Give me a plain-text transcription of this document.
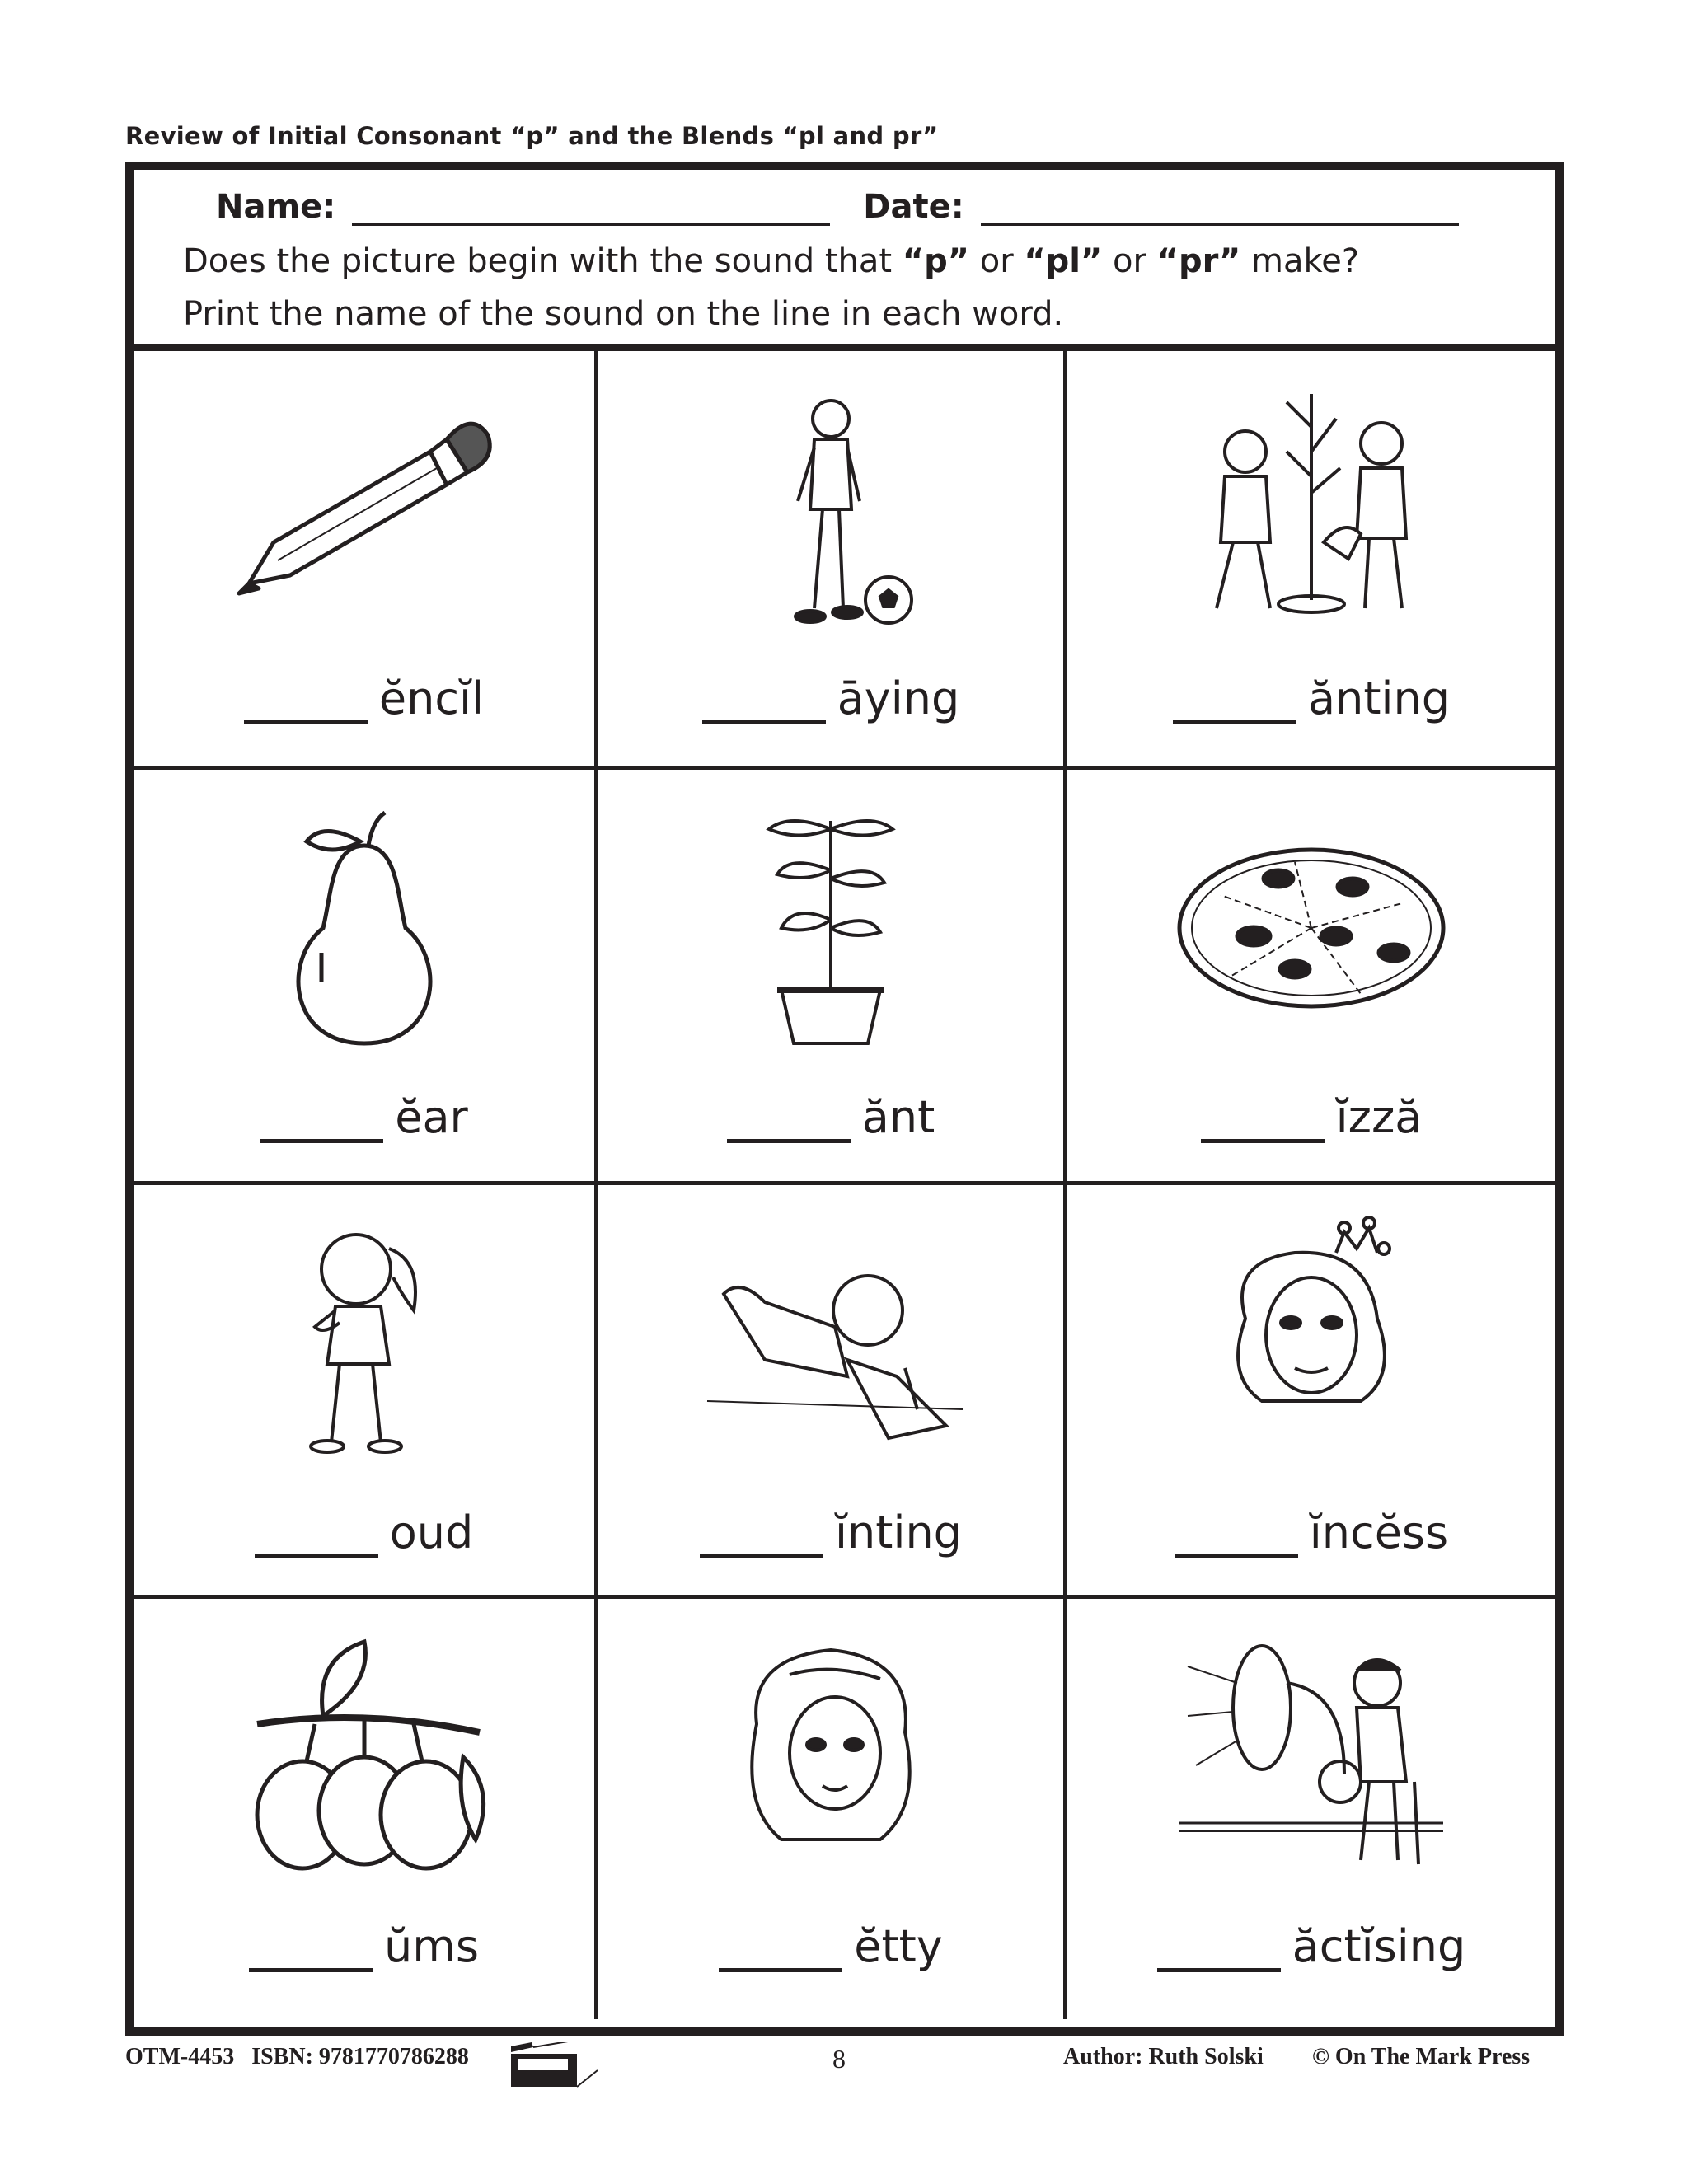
Review of Initial Consonant “p” and the Blends “pl and pr”
Name:	Date:
Does the picture begin with the sound that “p” or “pl” or “pr” make?
Print the name of the sound on the line in each word.
ĕncĭl	āying	ănting
ĕar	ănt	ĭzză
oud	ĭnting	ĭncĕss
ŭms	ĕtty	ăctĭsing
OTM-4453   ISBN: 9781770786288	8	Author: Ruth Solski © On The Mark Press
